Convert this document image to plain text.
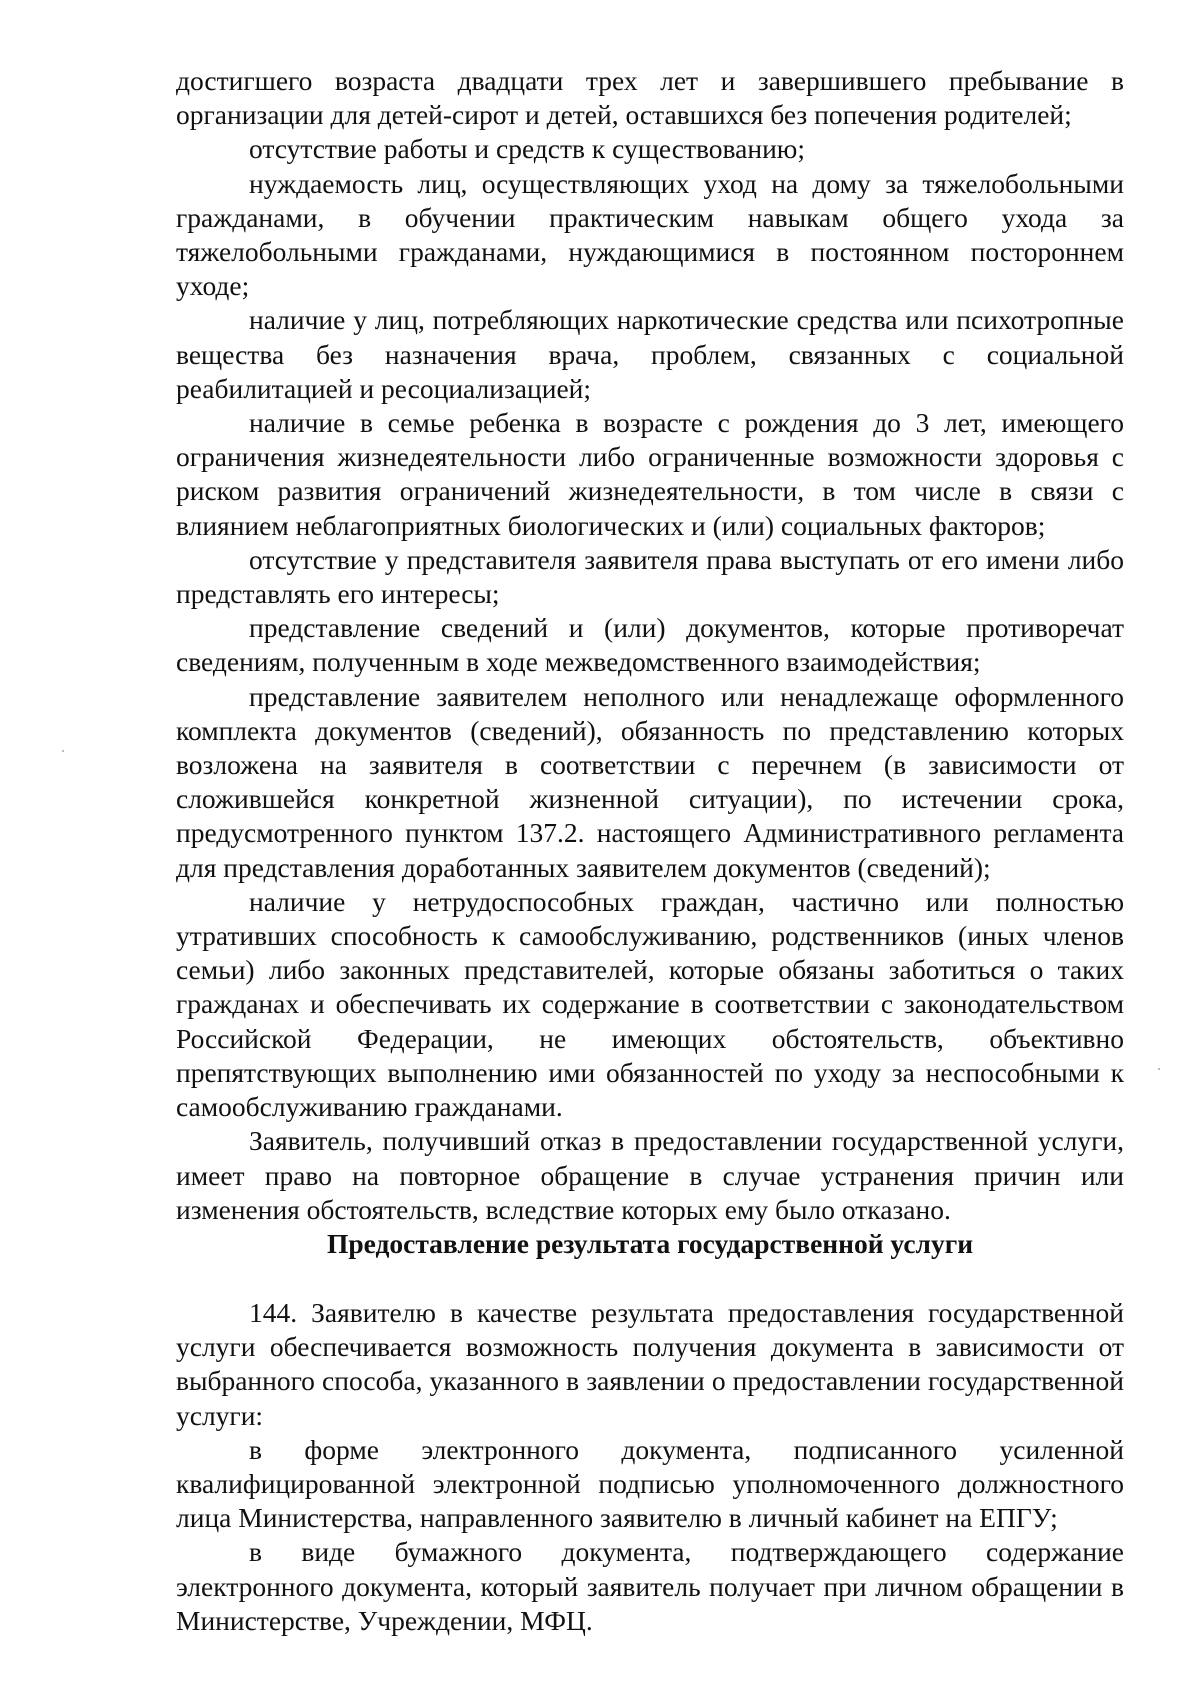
достигшего возраста двадцати трех лет и завершившего пребывание в организации для детей-сирот и детей, оставшихся без попечения родителей;

отсутствие работы и средств к существованию;

нуждаемость лиц, осуществляющих уход на дому за тяжелобольными гражданами, в обучении практическим навыкам общего ухода за тяжелобольными гражданами, нуждающимися в постоянном постороннем уходе;

наличие у лиц, потребляющих наркотические средства или психотропные вещества без назначения врача, проблем, связанных с социальной реабилитацией и ресоциализацией;

наличие в семье ребенка в возрасте с рождения до 3 лет, имеющего ограничения жизнедеятельности либо ограниченные возможности здоровья с риском развития ограничений жизнедеятельности, в том числе в связи с влиянием неблагоприятных биологических и (или) социальных факторов;

отсутствие у представителя заявителя права выступать от его имени либо представлять его интересы;

представление сведений и (или) документов, которые противоречат сведениям, полученным в ходе межведомственного взаимодействия;

представление заявителем неполного или ненадлежаще оформленного комплекта документов (сведений), обязанность по представлению которых возложена на заявителя в соответствии с перечнем (в зависимости от сложившейся конкретной жизненной ситуации), по истечении срока, предусмотренного пунктом 137.2. настоящего Административного регламента для представления доработанных заявителем документов (сведений);

наличие у нетрудоспособных граждан, частично или полностью утративших способность к самообслуживанию, родственников (иных членов семьи) либо законных представителей, которые обязаны заботиться о таких гражданах и обеспечивать их содержание в соответствии с законодательством Российской Федерации, не имеющих обстоятельств, объективно препятствующих выполнению ими обязанностей по уходу за неспособными к самообслуживанию гражданами.

Заявитель, получивший отказ в предоставлении государственной услуги, имеет право на повторное обращение в случае устранения причин или изменения обстоятельств, вследствие которых ему было отказано.

Предоставление результата государственной услуги

144. Заявителю в качестве результата предоставления государственной услуги обеспечивается возможность получения документа в зависимости от выбранного способа, указанного в заявлении о предоставлении государственной услуги:

в форме электронного документа, подписанного усиленной квалифицированной электронной подписью уполномоченного должностного лица Министерства, направленного заявителю в личный кабинет на ЕПГУ;

в виде бумажного документа, подтверждающего содержание электронного документа, который заявитель получает при личном обращении в Министерстве, Учреждении, МФЦ.
